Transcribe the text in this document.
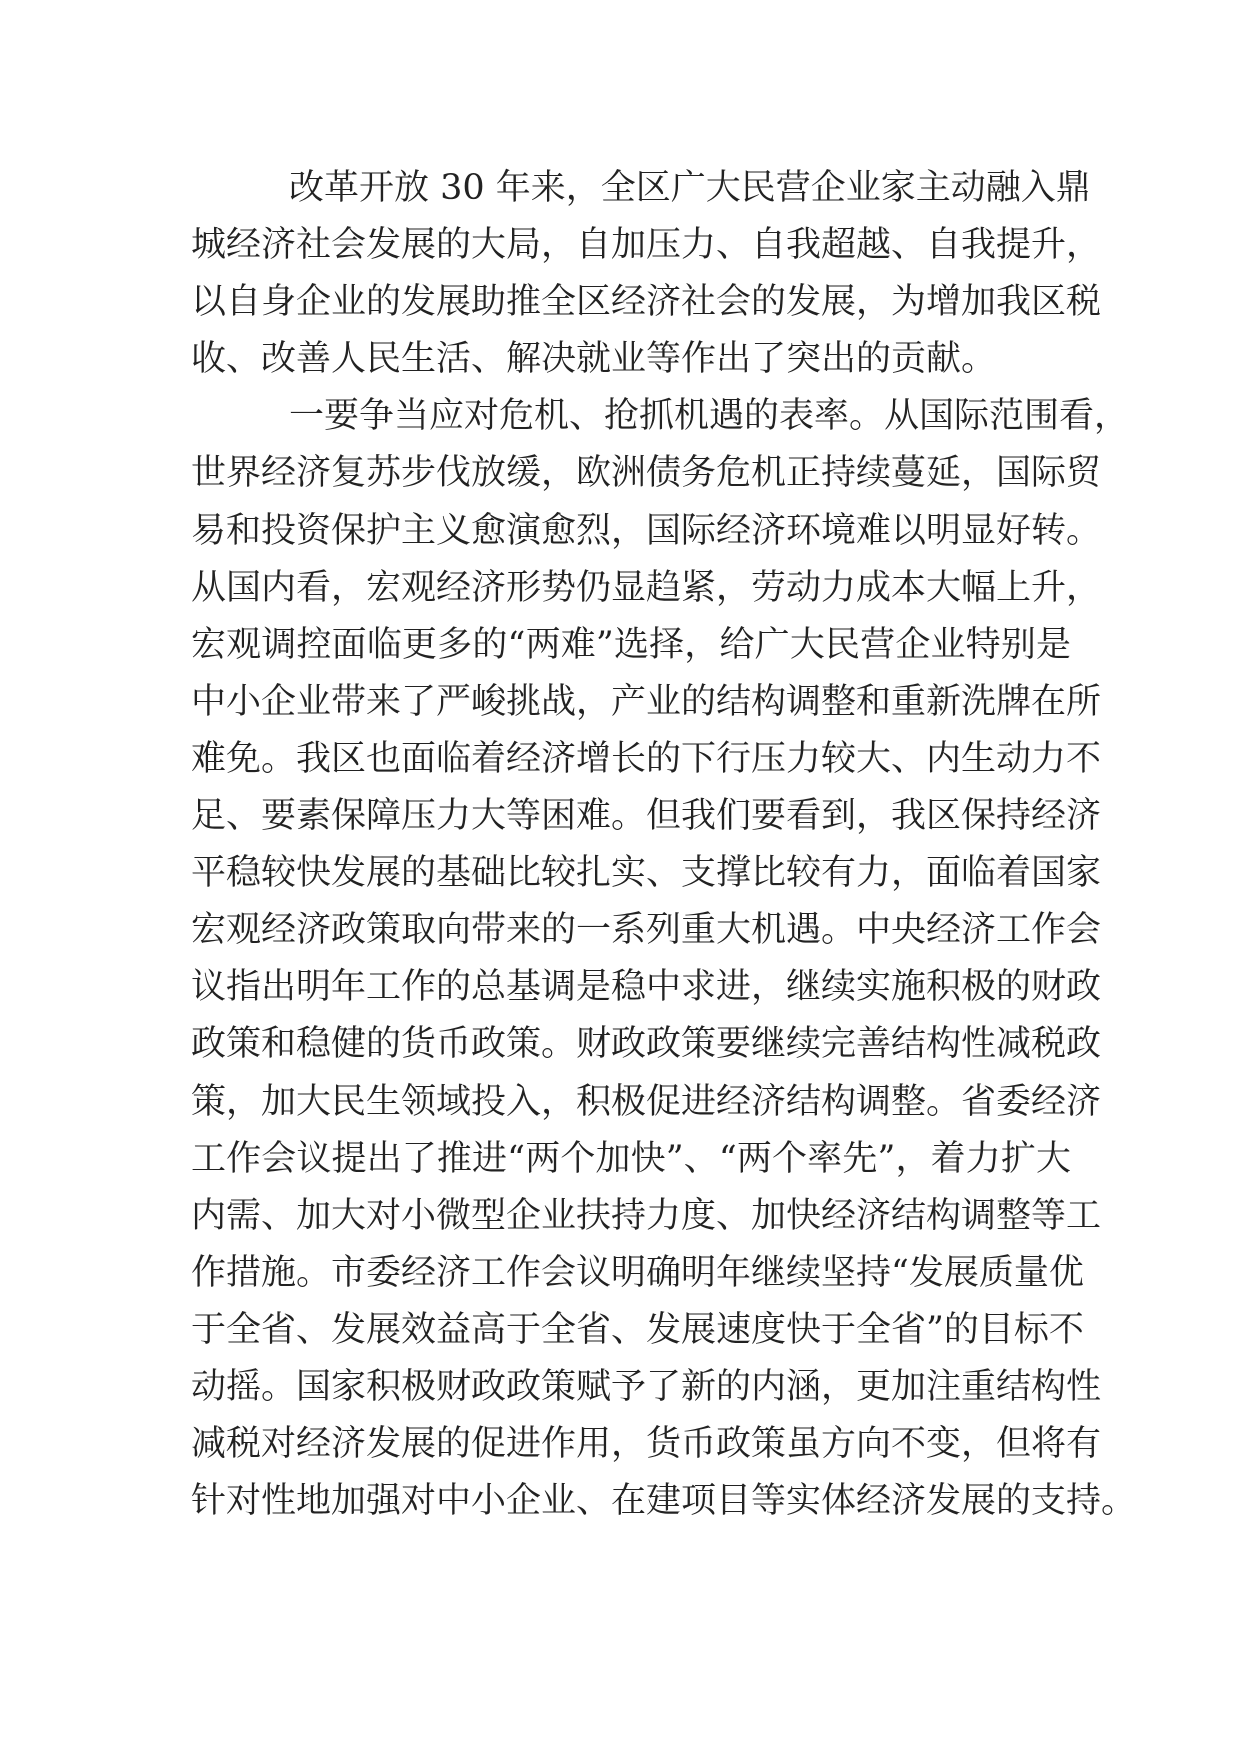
改革开放 30 年来，全区广大民营企业家主动融入鼎
城经济社会发展的大局，自加压力、自我超越、自我提升，
以自身企业的发展助推全区经济社会的发展，为增加我区税
收、改善人民生活、解决就业等作出了突出的贡献。

一要争当应对危机、抢抓机遇的表率。从国际范围看，
世界经济复苏步伐放缓，欧洲债务危机正持续蔓延，国际贸
易和投资保护主义愈演愈烈，国际经济环境难以明显好转。
从国内看，宏观经济形势仍显趋紧，劳动力成本大幅上升，
宏观调控面临更多的“两难”选择，给广大民营企业特别是
中小企业带来了严峻挑战，产业的结构调整和重新洗牌在所
难免。我区也面临着经济增长的下行压力较大、内生动力不
足、要素保障压力大等困难。但我们要看到，我区保持经济
平稳较快发展的基础比较扎实、支撑比较有力，面临着国家
宏观经济政策取向带来的一系列重大机遇。中央经济工作会
议指出明年工作的总基调是稳中求进，继续实施积极的财政
政策和稳健的货币政策。财政政策要继续完善结构性减税政
策，加大民生领域投入，积极促进经济结构调整。省委经济
工作会议提出了推进“两个加快”、“两个率先”，着力扩大
内需、加大对小微型企业扶持力度、加快经济结构调整等工
作措施。市委经济工作会议明确明年继续坚持“发展质量优
于全省、发展效益高于全省、发展速度快于全省”的目标不
动摇。国家积极财政政策赋予了新的内涵，更加注重结构性
减税对经济发展的促进作用，货币政策虽方向不变，但将有
针对性地加强对中小企业、在建项目等实体经济发展的支持。
